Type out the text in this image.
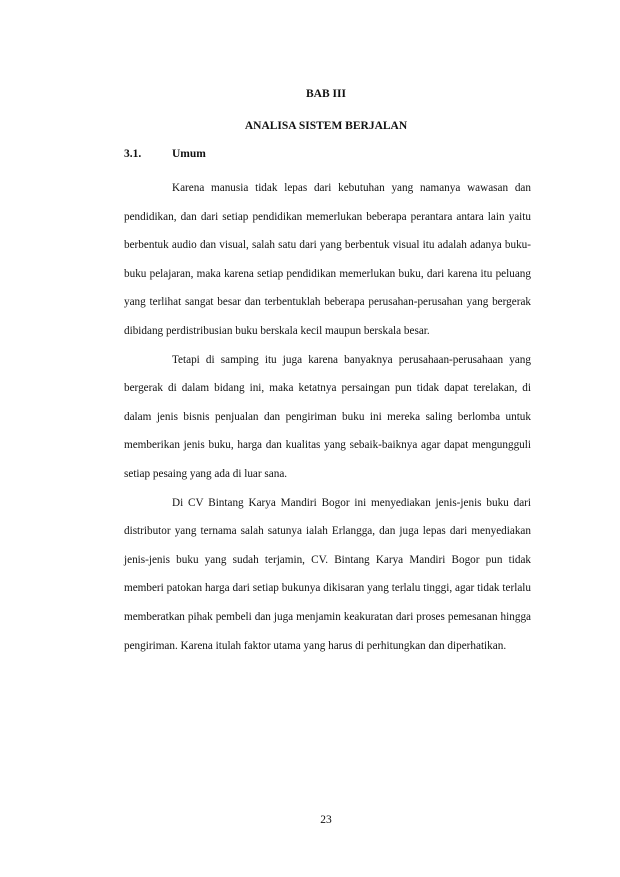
BAB III
ANALISA SISTEM BERJALAN
3.1.	Umum

Karena manusia tidak lepas dari kebutuhan yang namanya wawasan dan pendidikan, dan dari setiap pendidikan memerlukan beberapa perantara antara lain yaitu berbentuk audio dan visual, salah satu dari yang berbentuk visual itu adalah adanya buku-buku pelajaran, maka karena setiap pendidikan memerlukan buku, dari karena itu peluang yang terlihat sangat besar dan terbentuklah beberapa perusahan-perusahan yang bergerak dibidang perdistribusian buku berskala kecil maupun berskala besar.

Tetapi di samping itu juga karena banyaknya perusahaan-perusahaan yang bergerak di dalam bidang ini, maka ketatnya persaingan pun tidak dapat terelakan, di dalam jenis bisnis penjualan dan pengiriman buku ini mereka saling berlomba untuk memberikan jenis buku, harga dan kualitas yang sebaik-baiknya agar dapat mengungguli setiap pesaing yang ada di luar sana.

Di CV Bintang Karya Mandiri Bogor ini menyediakan jenis-jenis buku dari distributor yang ternama salah satunya ialah Erlangga, dan juga lepas dari menyediakan jenis-jenis buku yang sudah terjamin, CV. Bintang Karya Mandiri Bogor pun tidak memberi patokan harga dari setiap bukunya dikisaran yang terlalu tinggi, agar tidak terlalu memberatkan pihak pembeli dan juga menjamin keakuratan dari proses pemesanan hingga pengiriman. Karena itulah faktor utama yang harus di perhitungkan dan diperhatikan.

23
